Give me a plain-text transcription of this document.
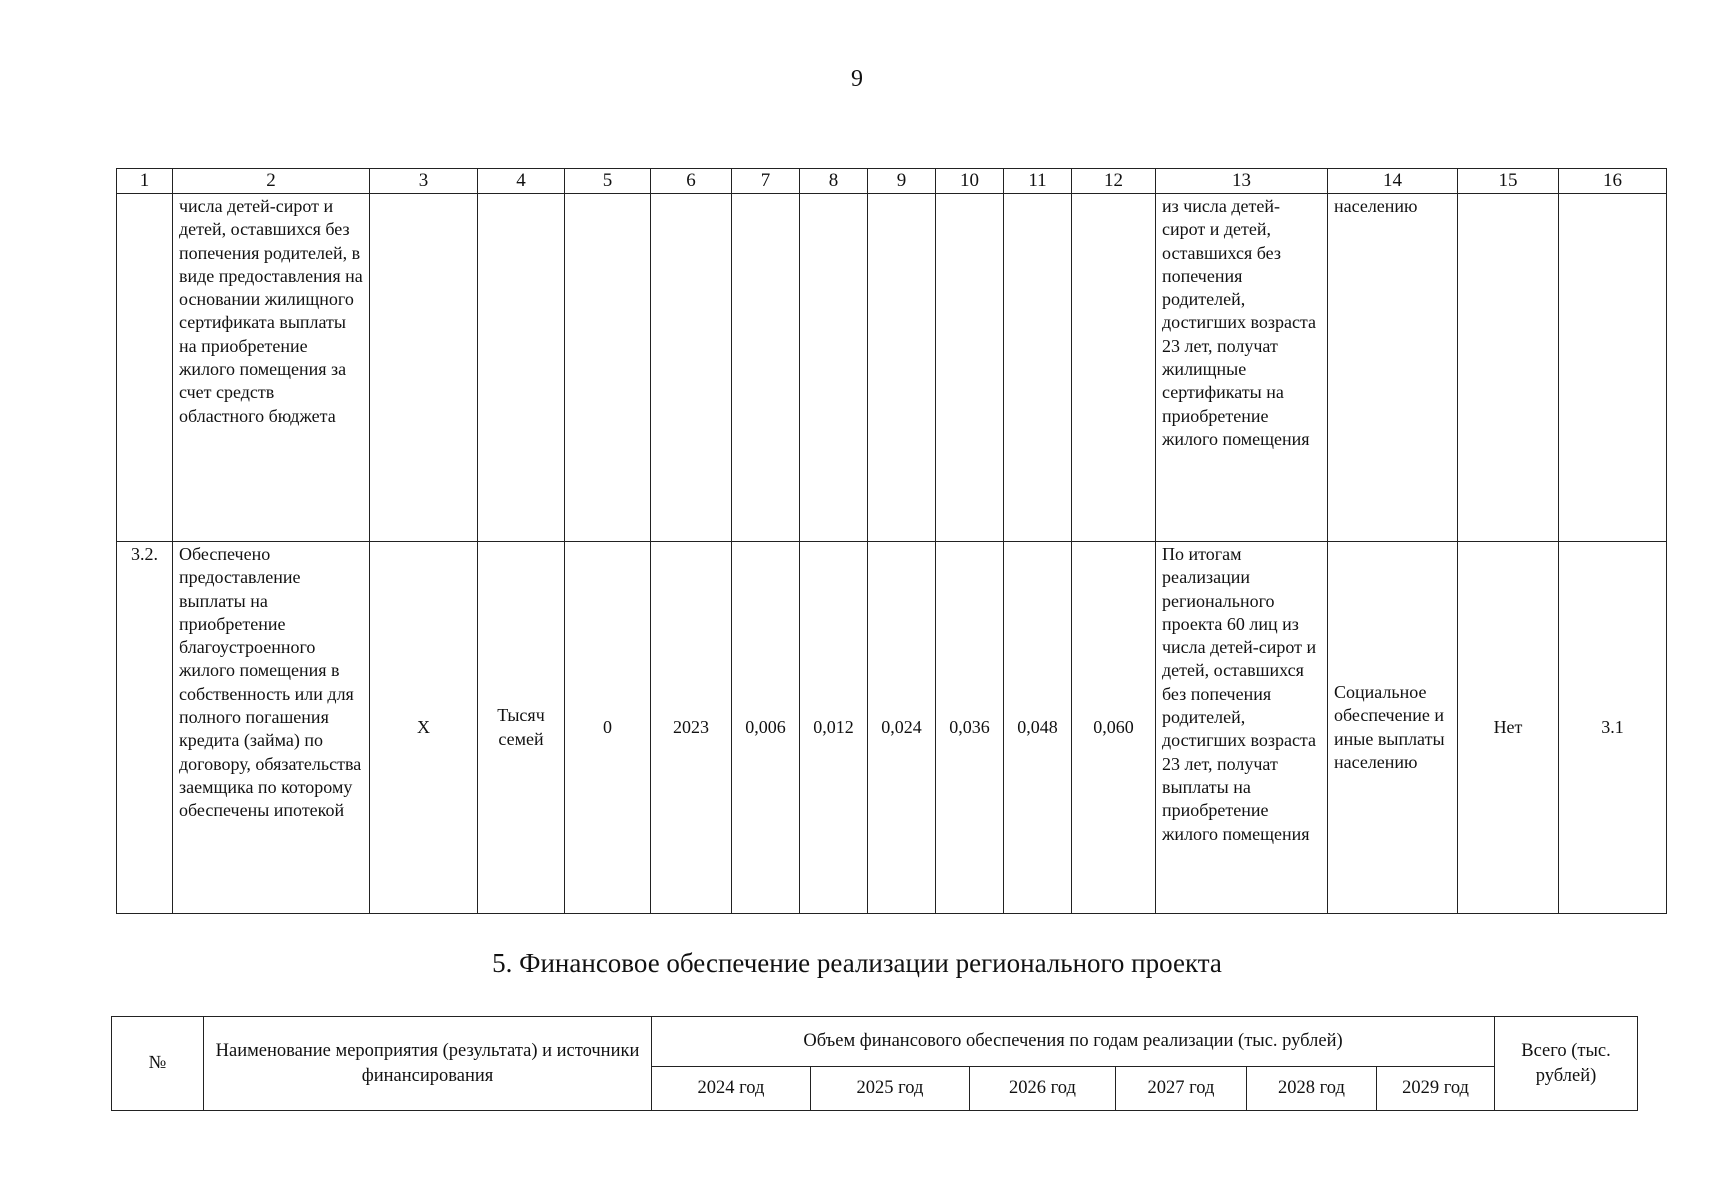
9
1	2	3	4	5	6	7	8	9	10	11	12	13	14	15	16
	числа детей-сирот и детей, оставшихся без попечения родителей, в виде предоставления на основании жилищного сертификата выплаты на приобретение жилого помещения за счет средств областного бюджета											из числа детей-сирот и детей, оставшихся без попечения родителей, достигших возраста 23 лет, получат жилищные сертификаты на приобретение жилого помещения	населению		
3.2.	Обеспечено предоставление выплаты на приобретение благоустроенного жилого помещения в собственность или для полного погашения кредита (займа) по договору, обязательства заемщика по которому обеспечены ипотекой	X	Тысяч семей	0	2023	0,006	0,012	0,024	0,036	0,048	0,060	По итогам реализации регионального проекта 60 лиц из числа детей-сирот и детей, оставшихся без попечения родителей, достигших возраста 23 лет, получат выплаты на приобретение жилого помещения	Социальное обеспечение и иные выплаты населению	Нет	3.1
5. Финансовое обеспечение реализации регионального проекта
№	Наименование мероприятия (результата) и источники финансирования	Объем финансового обеспечения по годам реализации (тыс. рублей)						Всего (тыс. рублей)
		2024 год	2025 год	2026 год	2027 год	2028 год	2029 год	
